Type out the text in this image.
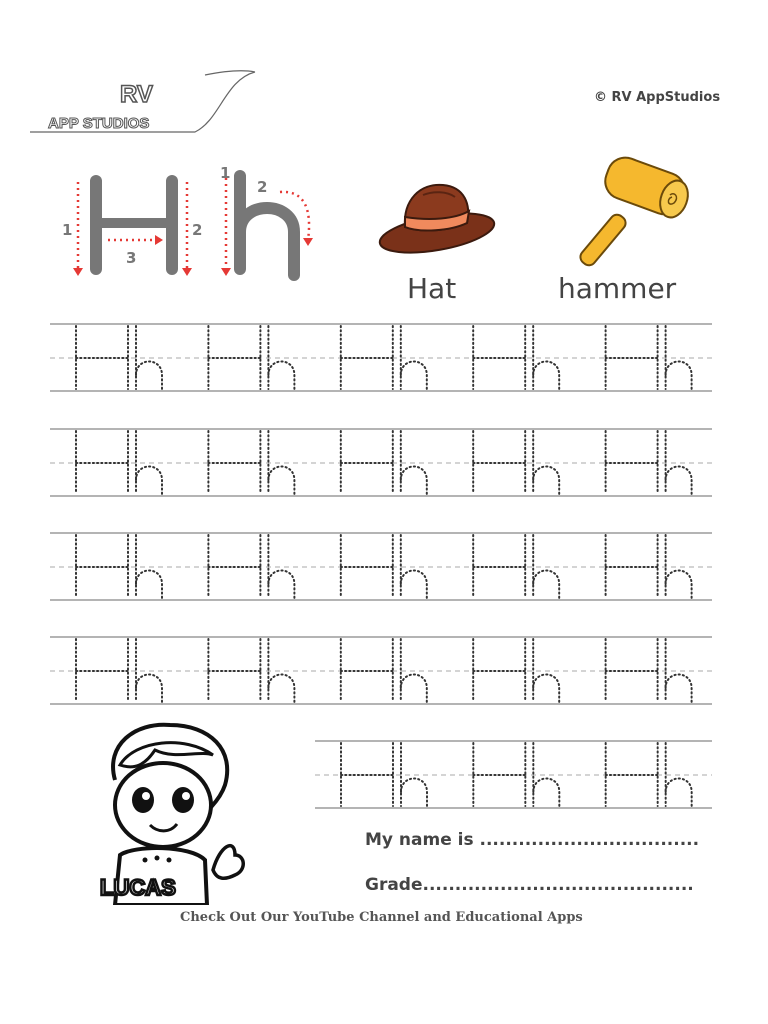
RV
APP STUDIOS
© RV AppStudios
1	2
3
1
2
Hat	hammer
LUCAS
My name is ..................................
Grade..........................................
Check Out Our YouTube Channel and Educational Apps
